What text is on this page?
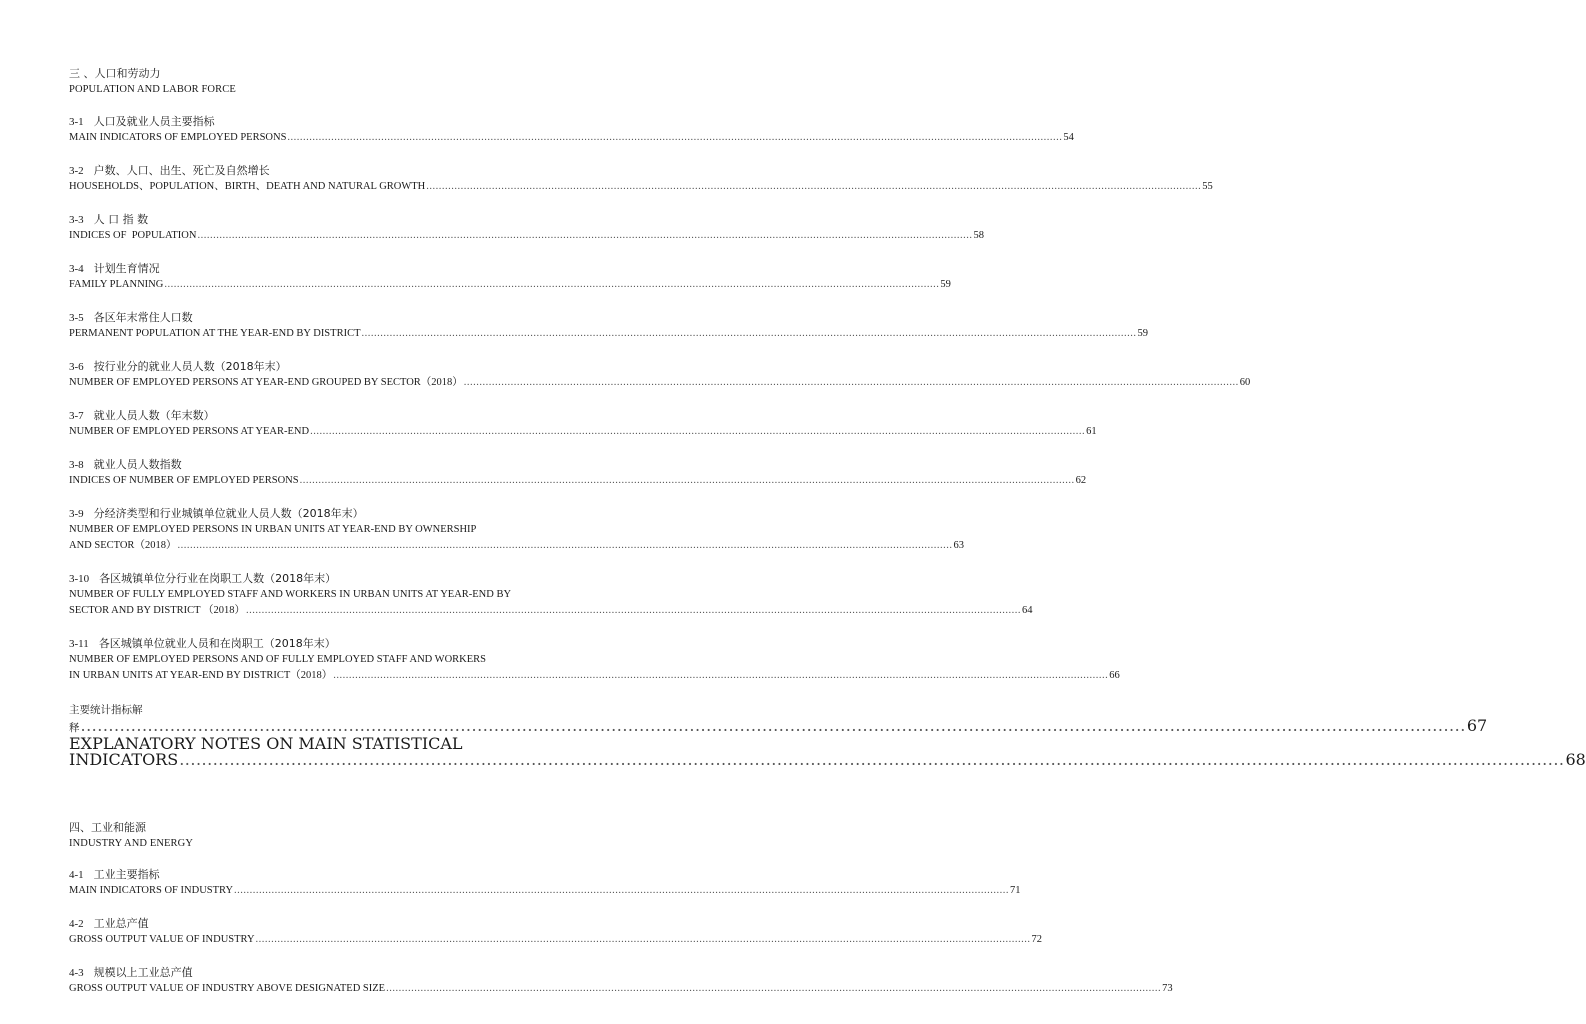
三 、人口和劳动力
POPULATION AND LABOR FORCE
3-1 人口及就业人员主要指标
MAIN INDICATORS OF EMPLOYED PERSONS .....	54
3-2 户数、人口、出生、死亡及自然增长
HOUSEHOLDS、POPULATION、BIRTH、DEATH AND NATURAL GROWTH .....	55
3-3 人 口 指 数
INDICES OF  POPULATION .....	58
3-4 计划生育情况
FAMILY PLANNING .....	59
3-5 各区年末常住人口数
PERMANENT POPULATION AT THE YEAR-END BY DISTRICT .....	59
3-6 按行业分的就业人员人数（2018年末）
NUMBER OF EMPLOYED PERSONS AT YEAR-END GROUPED BY SECTOR（2018） .....	60
3-7 就业人员人数（年末数）
NUMBER OF EMPLOYED PERSONS AT YEAR-END .....	61
3-8 就业人员人数指数
INDICES OF NUMBER OF EMPLOYED PERSONS .....	62
3-9 分经济类型和行业城镇单位就业人员人数（2018年末）
NUMBER OF EMPLOYED PERSONS IN URBAN UNITS AT YEAR-END BY OWNERSHIP
AND SECTOR（2018） .....	63
3-10 各区城镇单位分行业在岗职工人数（2018年末）
NUMBER OF FULLY EMPLOYED STAFF AND WORKERS IN URBAN UNITS AT YEAR-END BY
SECTOR AND BY DISTRICT （2018） .....	64
3-11 各区城镇单位就业人员和在岗职工（2018年末）
NUMBER OF EMPLOYED PERSONS AND OF FULLY EMPLOYED STAFF AND WORKERS
IN URBAN UNITS AT YEAR-END BY DISTRICT（2018） .....	66
主要统计指标解释 .....	67
EXPLANATORY NOTES ON MAIN STATISTICAL INDICATORS .....	68
四、工业和能源
INDUSTRY AND ENERGY
4-1 工业主要指标
MAIN INDICATORS OF INDUSTRY .....	71
4-2 工业总产值
GROSS OUTPUT VALUE OF INDUSTRY .....	72
4-3 规模以上工业总产值
GROSS OUTPUT VALUE OF INDUSTRY ABOVE DESIGNATED SIZE .....	73
